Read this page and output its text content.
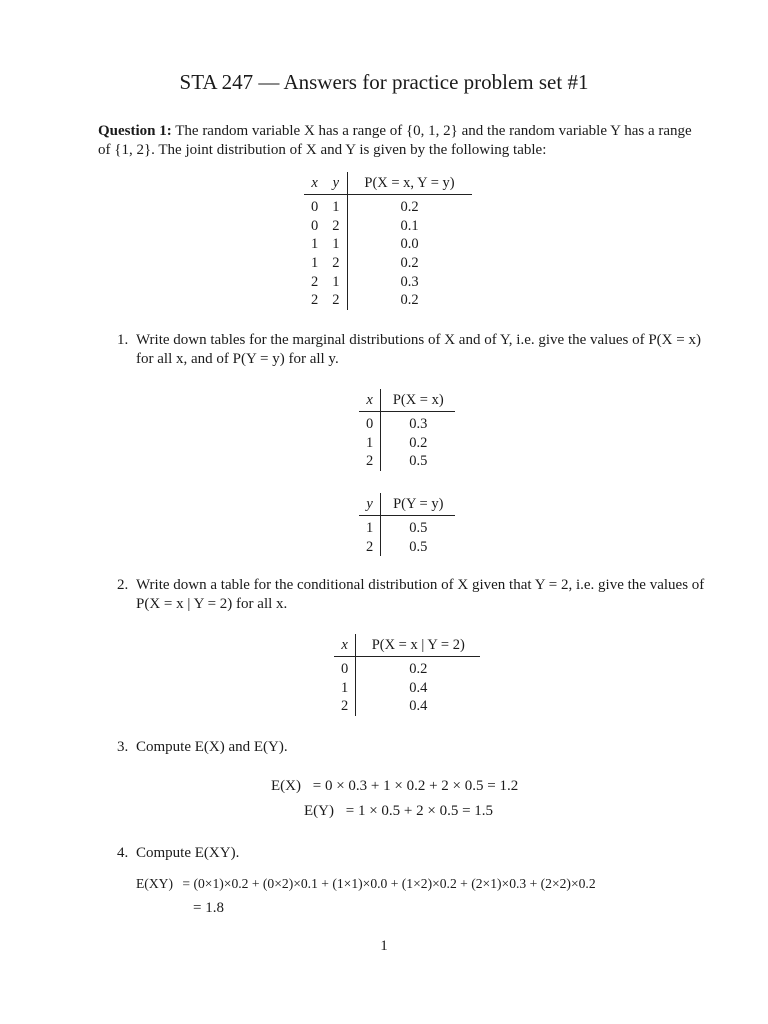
STA 247 — Answers for practice problem set #1
Question 1: The random variable X has a range of {0, 1, 2} and the random variable Y has a range of {1, 2}. The joint distribution of X and Y is given by the following table:
x	y	P(X = x, Y = y)
0	1	0.2
0	2	0.1
1	1	0.0
1	2	0.2
2	1	0.3
2	2	0.2
1. Write down tables for the marginal distributions of X and of Y, i.e. give the values of P(X = x) for all x, and of P(Y = y) for all y.
x	P(X = x)
0	0.3
1	0.2
2	0.5
y	P(Y = y)
1	0.5
2	0.5
2. Write down a table for the conditional distribution of X given that Y = 2, i.e. give the values of P(X = x | Y = 2) for all x.
x	P(X = x | Y = 2)
0	0.2
1	0.4
2	0.4
3. Compute E(X) and E(Y).
E(X) = 0 × 0.3 + 1 × 0.2 + 2 × 0.5 = 1.2
E(Y) = 1 × 0.5 + 2 × 0.5 = 1.5
4. Compute E(XY).
E(XY) = (0×1)×0.2 + (0×2)×0.1 + (1×1)×0.0 + (1×2)×0.2 + (2×1)×0.3 + (2×2)×0.2
= 1.8
1
